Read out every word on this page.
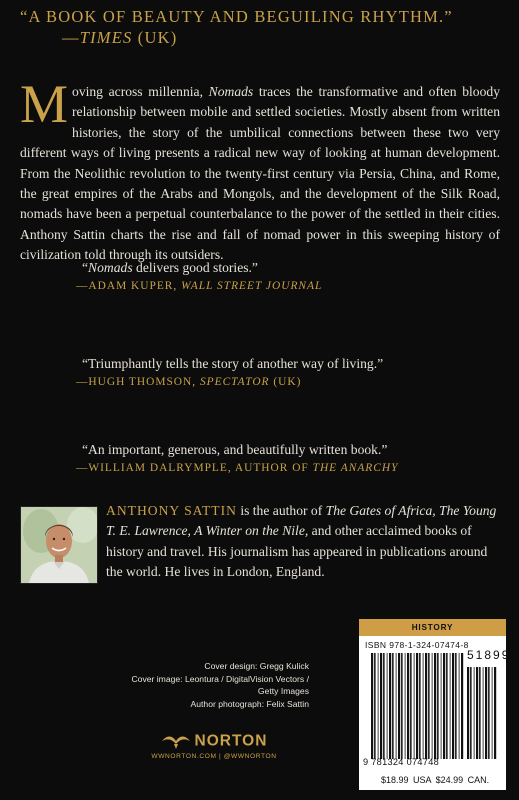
“A BOOK OF BEAUTY AND BEGUILING RHYTHM.”
—TIMES (UK)
Moving across millennia, Nomads traces the transformative and often bloody relationship between mobile and settled societies. Mostly absent from written histories, the story of the umbilical connections between these two very different ways of living presents a radical new way of looking at human development. From the Neolithic revolution to the twenty-first century via Persia, China, and Rome, the great empires of the Arabs and Mongols, and the development of the Silk Road, nomads have been a perpetual counterbalance to the power of the settled in their cities. Anthony Sattin charts the rise and fall of nomad power in this sweeping history of civilization told through its outsiders.
“Nomads delivers good stories.”
—ADAM KUPER, WALL STREET JOURNAL
“Triumphantly tells the story of another way of living.”
—HUGH THOMSON, SPECTATOR (UK)
“An important, generous, and beautifully written book.”
—WILLIAM DALRYMPLE, AUTHOR OF THE ANARCHY
ANTHONY SATTIN is the author of The Gates of Africa, The Young T. E. Lawrence, A Winter on the Nile, and other acclaimed books of history and travel. His journalism has appeared in publications around the world. He lives in London, England.
Cover design: Gregg Kulick
Cover image: Leontura / DigitalVision Vectors /
Getty Images
Author photograph: Felix Sattin
NORTON
WWNORTON.COM | @WWNORTON
HISTORY
ISBN 978-1-324-07474-8
51899
9 781324 074748
$18.99 USA $24.99 CAN.
